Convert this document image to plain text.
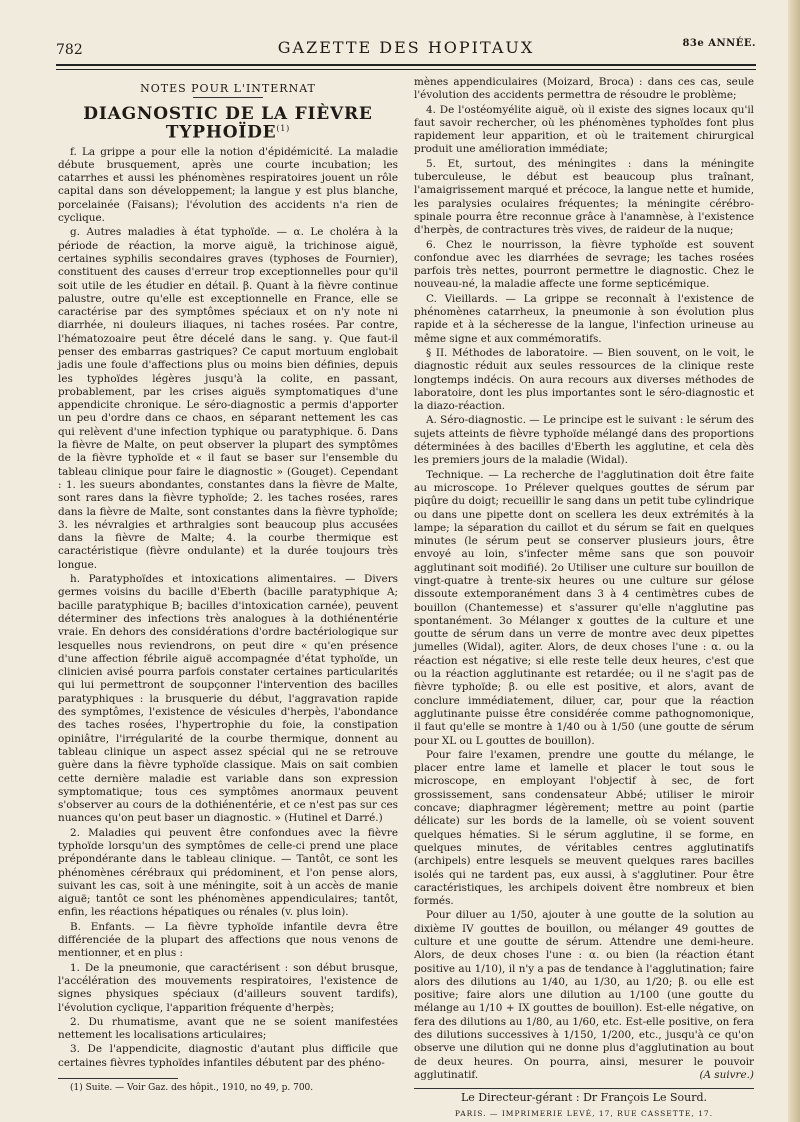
782	GAZETTE DES HOPITAUX	83e ANNÉE.
NOTES POUR L'INTERNAT
DIAGNOSTIC DE LA FIÈVRE TYPHOÏDE$^{(1)}$

f. La grippe a pour elle la notion d'épidémicité. La maladie débute brusquement, après une courte incubation; les catarrhes et aussi les phénomènes respiratoires jouent un rôle capital dans son développement; la langue y est plus blanche, porcelainée (Faisans); l'évolution des accidents n'a rien de cyclique.

g. Autres maladies à état typhoïde. — α. Le choléra à la période de réaction, la morve aiguë, la trichinose aiguë, certaines syphilis secondaires graves (typhoses de Fournier), constituent des causes d'erreur trop exceptionnelles pour qu'il soit utile de les étudier en détail. β. Quant à la fièvre continue palustre, outre qu'elle est exceptionnelle en France, elle se caractérise par des symptômes spéciaux et on n'y note ni diarrhée, ni douleurs iliaques, ni taches rosées. Par contre, l'hématozoaire peut être décelé dans le sang. γ. Que faut-il penser des embarras gastriques? Ce caput mortuum englobait jadis une foule d'affections plus ou moins bien définies, depuis les typhoïdes légères jusqu'à la colite, en passant, probablement, par les crises aiguës symptomatiques d'une appendicite chronique. Le séro-diagnostic a permis d'apporter un peu d'ordre dans ce chaos, en séparant nettement les cas qui relèvent d'une infection typhique ou paratyphique. δ. Dans la fièvre de Malte, on peut observer la plupart des symptômes de la fièvre typhoïde et « il faut se baser sur l'ensemble du tableau clinique pour faire le diagnostic » (Gouget). Cependant : 1. les sueurs abondantes, constantes dans la fièvre de Malte, sont rares dans la fièvre typhoïde; 2. les taches rosées, rares dans la fièvre de Malte, sont constantes dans la fièvre typhoïde; 3. les névralgies et arthralgies sont beaucoup plus accusées dans la fièvre de Malte; 4. la courbe thermique est caractéristique (fièvre ondulante) et la durée toujours très longue.

h. Paratyphoïdes et intoxications alimentaires. — Divers germes voisins du bacille d'Eberth (bacille paratyphique A; bacille paratyphique B; bacilles d'intoxication carnée), peuvent déterminer des infections très analogues à la dothiénentérie vraie. En dehors des considérations d'ordre bactériologique sur lesquelles nous reviendrons, on peut dire « qu'en présence d'une affection fébrile aiguë accompagnée d'état typhoïde, un clinicien avisé pourra parfois constater certaines particularités qui lui permettront de soupçonner l'intervention des bacilles paratyphiques : la brusquerie du début, l'aggravation rapide des symptômes, l'existence de vésicules d'herpès, l'abondance des taches rosées, l'hypertrophie du foie, la constipation opiniâtre, l'irrégularité de la courbe thermique, donnent au tableau clinique un aspect assez spécial qui ne se retrouve guère dans la fièvre typhoïde classique. Mais on sait combien cette dernière maladie est variable dans son expression symptomatique; tous ces symptômes anormaux peuvent s'observer au cours de la dothiénentérie, et ce n'est pas sur ces nuances qu'on peut baser un diagnostic. » (Hutinel et Darré.)

2. Maladies qui peuvent être confondues avec la fièvre typhoïde lorsqu'un des symptômes de celle-ci prend une place prépondérante dans le tableau clinique. — Tantôt, ce sont les phénomènes cérébraux qui prédominent, et l'on pense alors, suivant les cas, soit à une méningite, soit à un accès de manie aiguë; tantôt ce sont les phénomènes appendiculaires; tantôt, enfin, les réactions hépatiques ou rénales (v. plus loin).

B. Enfants. — La fièvre typhoïde infantile devra être différenciée de la plupart des affections que nous venons de mentionner, et en plus :

1. De la pneumonie, que caractérisent : son début brusque, l'accélération des mouvements respiratoires, l'existence de signes physiques spéciaux (d'ailleurs souvent tardifs), l'évolution cyclique, l'apparition fréquente d'herpès;

2. Du rhumatisme, avant que ne se soient manifestées nettement les localisations articulaires;

3. De l'appendicite, diagnostic d'autant plus difficile que certaines fièvres typhoïdes infantiles débutent par des phéno-

(1) Suite. — Voir Gaz. des hôpit., 1910, no 49, p. 700.

mènes appendiculaires (Moizard, Broca) : dans ces cas, seule l'évolution des accidents permettra de résoudre le problème;

4. De l'ostéomyélite aiguë, où il existe des signes locaux qu'il faut savoir rechercher, où les phénomènes typhoïdes font plus rapidement leur apparition, et où le traitement chirurgical produit une amélioration immédiate;

5. Et, surtout, des méningites : dans la méningite tuberculeuse, le début est beaucoup plus traînant, l'amaigrissement marqué et précoce, la langue nette et humide, les paralysies oculaires fréquentes; la méningite cérébro-spinale pourra être reconnue grâce à l'anamnèse, à l'existence d'herpès, de contractures très vives, de raideur de la nuque;

6. Chez le nourrisson, la fièvre typhoïde est souvent confondue avec les diarrhées de sevrage; les taches rosées parfois très nettes, pourront permettre le diagnostic. Chez le nouveau-né, la maladie affecte une forme septicémique.

C. Vieillards. — La grippe se reconnaît à l'existence de phénomènes catarrheux, la pneumonie à son évolution plus rapide et à la sécheresse de la langue, l'infection urineuse au même signe et aux commémoratifs.

§ II. Méthodes de laboratoire. — Bien souvent, on le voit, le diagnostic réduit aux seules ressources de la clinique reste longtemps indécis. On aura recours aux diverses méthodes de laboratoire, dont les plus importantes sont le séro-diagnostic et la diazo-réaction.

A. Séro-diagnostic. — Le principe est le suivant : le sérum des sujets atteints de fièvre typhoïde mélangé dans des proportions déterminées à des bacilles d'Eberth les agglutine, et cela dès les premiers jours de la maladie (Widal).

Technique. — La recherche de l'agglutination doit être faite au microscope. 1o Prélever quelques gouttes de sérum par piqûre du doigt; recueillir le sang dans un petit tube cylindrique ou dans une pipette dont on scellera les deux extrémités à la lampe; la séparation du caillot et du sérum se fait en quelques minutes (le sérum peut se conserver plusieurs jours, être envoyé au loin, s'infecter même sans que son pouvoir agglutinant soit modifié). 2o Utiliser une culture sur bouillon de vingt-quatre à trente-six heures ou une culture sur gélose dissoute extemporanément dans 3 à 4 centimètres cubes de bouillon (Chantemesse) et s'assurer qu'elle n'agglutine pas spontanément. 3o Mélanger x gouttes de la culture et une goutte de sérum dans un verre de montre avec deux pipettes jumelles (Widal), agiter. Alors, de deux choses l'une : α. ou la réaction est négative; si elle reste telle deux heures, c'est que ou la réaction agglutinante est retardée; ou il ne s'agit pas de fièvre typhoïde; β. ou elle est positive, et alors, avant de conclure immédiatement, diluer, car, pour que la réaction agglutinante puisse être considérée comme pathognomonique, il faut qu'elle se montre à 1/40 ou à 1/50 (une goutte de sérum pour XL ou L gouttes de bouillon).

Pour faire l'examen, prendre une goutte du mélange, le placer entre lame et lamelle et placer le tout sous le microscope, en employant l'objectif à sec, de fort grossissement, sans condensateur Abbé; utiliser le miroir concave; diaphragmer légèrement; mettre au point (partie délicate) sur les bords de la lamelle, où se voient souvent quelques hématies. Si le sérum agglutine, il se forme, en quelques minutes, de véritables centres agglutinatifs (archipels) entre lesquels se meuvent quelques rares bacilles isolés qui ne tardent pas, eux aussi, à s'agglutiner. Pour être caractéristiques, les archipels doivent être nombreux et bien formés.

Pour diluer au 1/50, ajouter à une goutte de la solution au dixième IV gouttes de bouillon, ou mélanger 49 gouttes de culture et une goutte de sérum. Attendre une demi-heure. Alors, de deux choses l'une : α. ou bien (la réaction étant positive au 1/10), il n'y a pas de tendance à l'agglutination; faire alors des dilutions au 1/40, au 1/30, au 1/20; β. ou elle est positive; faire alors une dilution au 1/100 (une goutte du mélange au 1/10 + IX gouttes de bouillon). Est-elle négative, on fera des dilutions au 1/80, au 1/60, etc. Est-elle positive, on fera des dilutions successives à 1/150, 1/200, etc., jusqu'à ce qu'on observe une dilution qui ne donne plus d'agglutination au bout de deux heures. On pourra, ainsi, mesurer le pouvoir agglutinatif.	(A suivre.)

Le Directeur-gérant : Dr François Le Sourd.
PARIS. — IMPRIMERIE LEVÉ, 17, RUE CASSETTE, 17.
